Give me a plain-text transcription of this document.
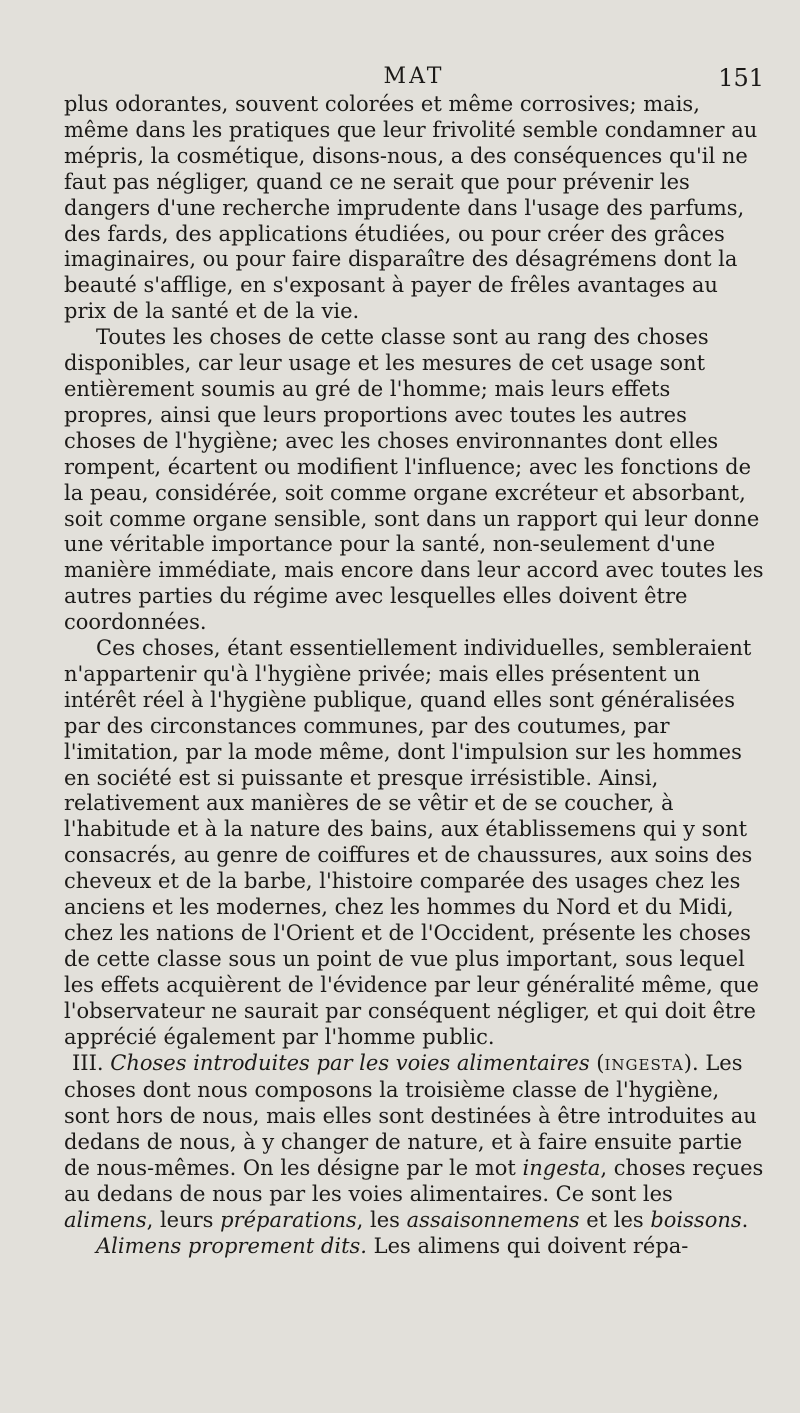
MAT	151

plus odorantes, souvent colorées et même corrosives; mais, même dans les pratiques que leur frivolité semble condamner au mépris, la cosmétique, disons-nous, a des conséquences qu'il ne faut pas négliger, quand ce ne serait que pour prévenir les dangers d'une recherche imprudente dans l'usage des parfums, des fards, des applications étudiées, ou pour créer des grâces imaginaires, ou pour faire disparaître des désagrémens dont la beauté s'afflige, en s'exposant à payer de frêles avantages au prix de la santé et de la vie.

Toutes les choses de cette classe sont au rang des choses disponibles, car leur usage et les mesures de cet usage sont entièrement soumis au gré de l'homme; mais leurs effets propres, ainsi que leurs proportions avec toutes les autres choses de l'hygiène; avec les choses environnantes dont elles rompent, écartent ou modifient l'influence; avec les fonctions de la peau, considérée, soit comme organe excréteur et absorbant, soit comme organe sensible, sont dans un rapport qui leur donne une véritable importance pour la santé, non-seulement d'une manière immédiate, mais encore dans leur accord avec toutes les autres parties du régime avec lesquelles elles doivent être coordonnées.

Ces choses, étant essentiellement individuelles, sembleraient n'appartenir qu'à l'hygiène privée; mais elles présentent un intérêt réel à l'hygiène publique, quand elles sont généralisées par des circonstances communes, par des coutumes, par l'imitation, par la mode même, dont l'impulsion sur les hommes en société est si puissante et presque irrésistible. Ainsi, relativement aux manières de se vêtir et de se coucher, à l'habitude et à la nature des bains, aux établissemens qui y sont consacrés, au genre de coiffures et de chaussures, aux soins des cheveux et de la barbe, l'histoire comparée des usages chez les anciens et les modernes, chez les hommes du Nord et du Midi, chez les nations de l'Orient et de l'Occident, présente les choses de cette classe sous un point de vue plus important, sous lequel les effets acquièrent de l'évidence par leur généralité même, que l'observateur ne saurait par conséquent négliger, et qui doit être apprécié également par l'homme public.

III. Choses introduites par les voies alimentaires (INGESTA). Les choses dont nous composons la troisième classe de l'hygiène, sont hors de nous, mais elles sont destinées à être introduites au dedans de nous, à y changer de nature, et à faire ensuite partie de nous-mêmes. On les désigne par le mot ingesta, choses reçues au dedans de nous par les voies alimentaires. Ce sont les alimens, leurs préparations, les assaisonnemens et les boissons.

Alimens proprement dits. Les alimens qui doivent répa-
